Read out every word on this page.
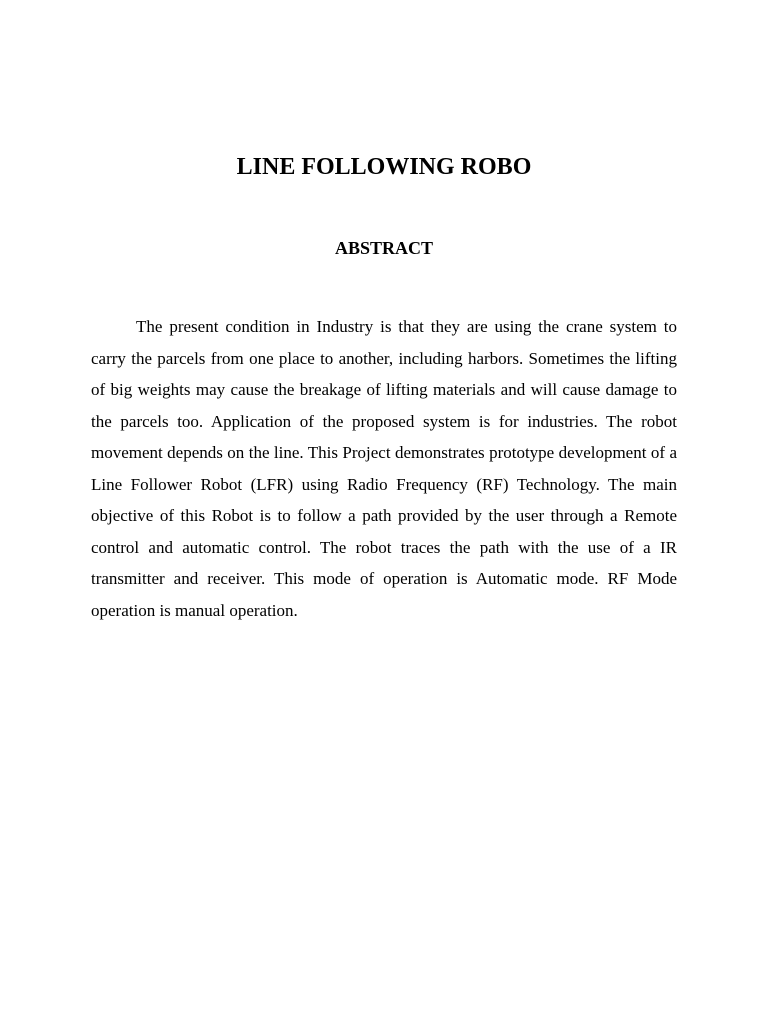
LINE FOLLOWING ROBO
ABSTRACT

The present condition in Industry is that they are using the crane system to carry the parcels from one place to another, including harbors. Sometimes the lifting of big weights may cause the breakage of lifting materials and will cause damage to the parcels too. Application of the proposed system is for industries. The robot movement depends on the line. This Project demonstrates prototype development of a Line Follower Robot (LFR) using Radio Frequency (RF) Technology. The main objective of this Robot is to follow a path provided by the user through a Remote control and automatic control. The robot traces the path with the use of a IR transmitter and receiver. This mode of operation is Automatic mode. RF Mode operation is manual operation.
